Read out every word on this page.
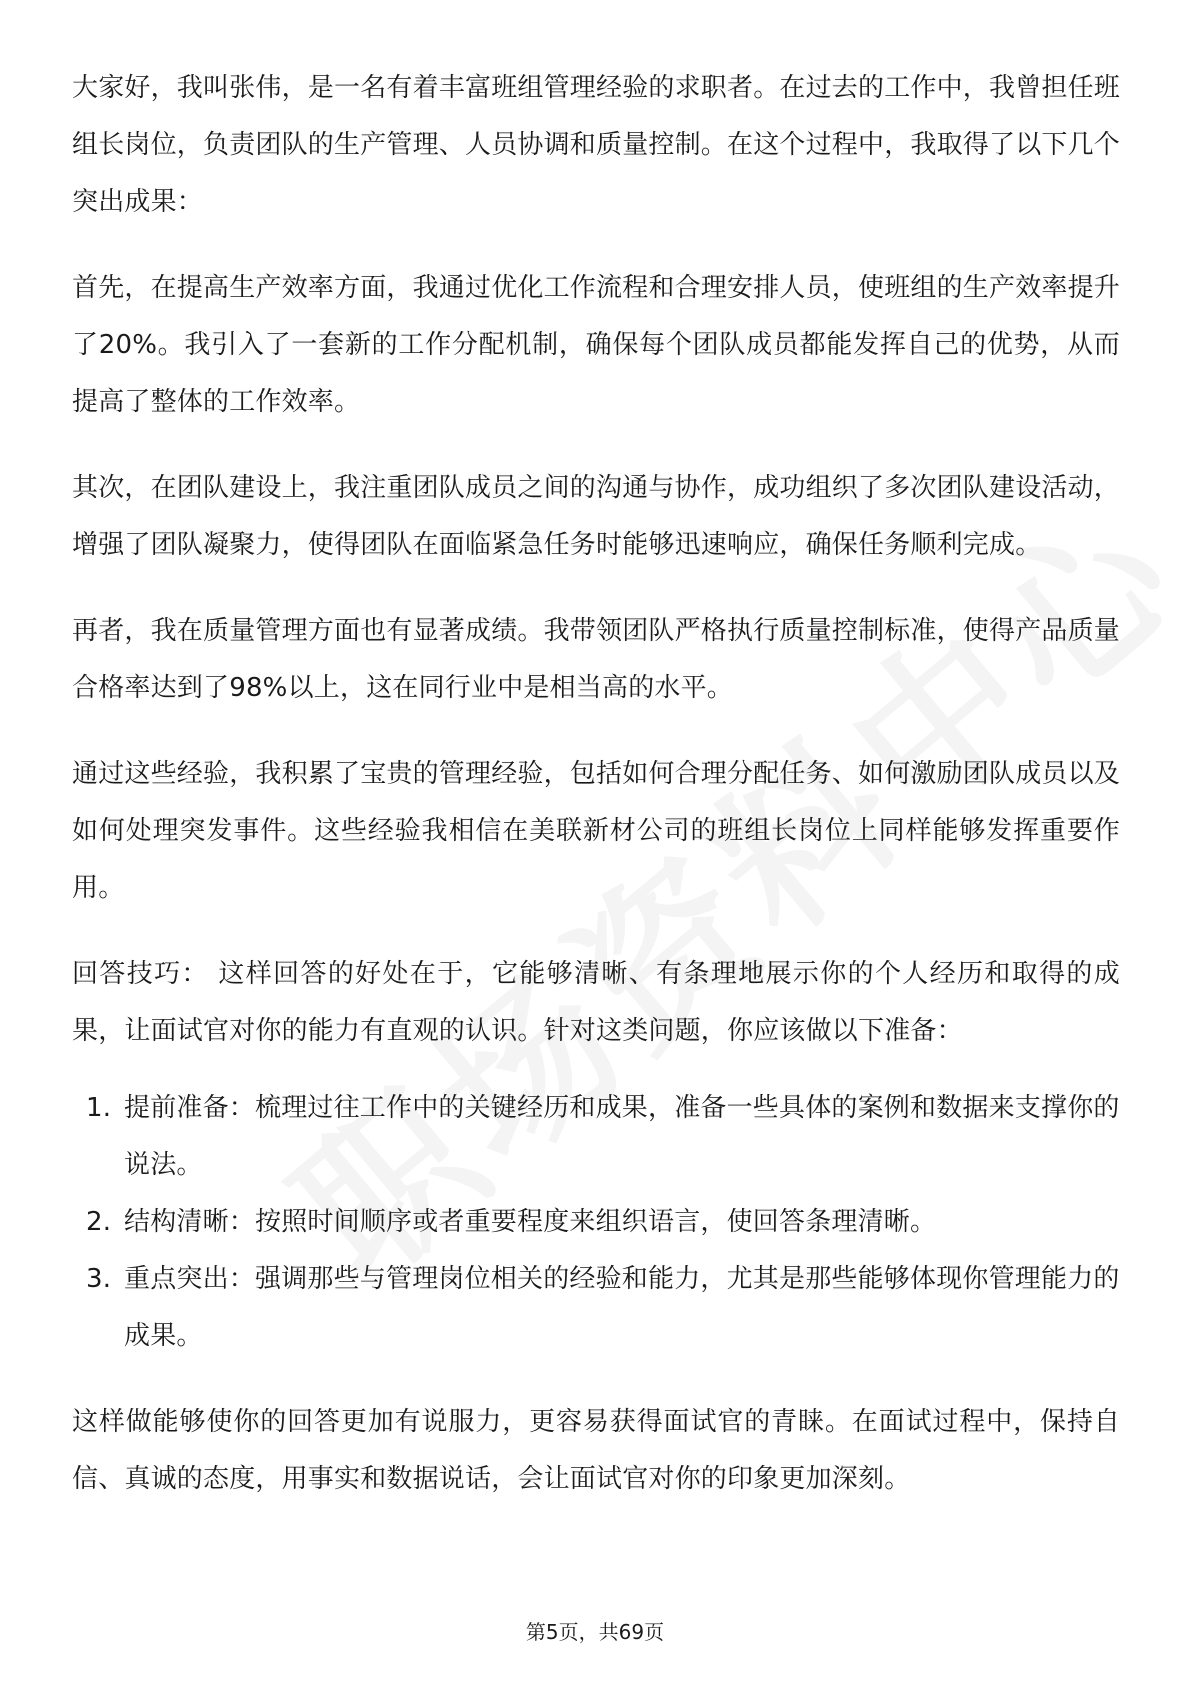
大家好，我叫张伟，是一名有着丰富班组管理经验的求职者。在过去的工作中，我曾担任班组长岗位，负责团队的生产管理、人员协调和质量控制。在这个过程中，我取得了以下几个突出成果：

首先，在提高生产效率方面，我通过优化工作流程和合理安排人员，使班组的生产效率提升了20%。我引入了一套新的工作分配机制，确保每个团队成员都能发挥自己的优势，从而提高了整体的工作效率。

其次，在团队建设上，我注重团队成员之间的沟通与协作，成功组织了多次团队建设活动，增强了团队凝聚力，使得团队在面临紧急任务时能够迅速响应，确保任务顺利完成。

再者，我在质量管理方面也有显著成绩。我带领团队严格执行质量控制标准，使得产品质量合格率达到了98%以上，这在同行业中是相当高的水平。

通过这些经验，我积累了宝贵的管理经验，包括如何合理分配任务、如何激励团队成员以及如何处理突发事件。这些经验我相信在美联新材公司的班组长岗位上同样能够发挥重要作用。

回答技巧： 这样回答的好处在于，它能够清晰、有条理地展示你的个人经历和取得的成果，让面试官对你的能力有直观的认识。针对这类问题，你应该做以下准备：

1. 提前准备：梳理过往工作中的关键经历和成果，准备一些具体的案例和数据来支撑你的说法。
2. 结构清晰：按照时间顺序或者重要程度来组织语言，使回答条理清晰。
3. 重点突出：强调那些与管理岗位相关的经验和能力，尤其是那些能够体现你管理能力的成果。

这样做能够使你的回答更加有说服力，更容易获得面试官的青睐。在面试过程中，保持自信、真诚的态度，用事实和数据说话，会让面试官对你的印象更加深刻。

第5页，共69页
